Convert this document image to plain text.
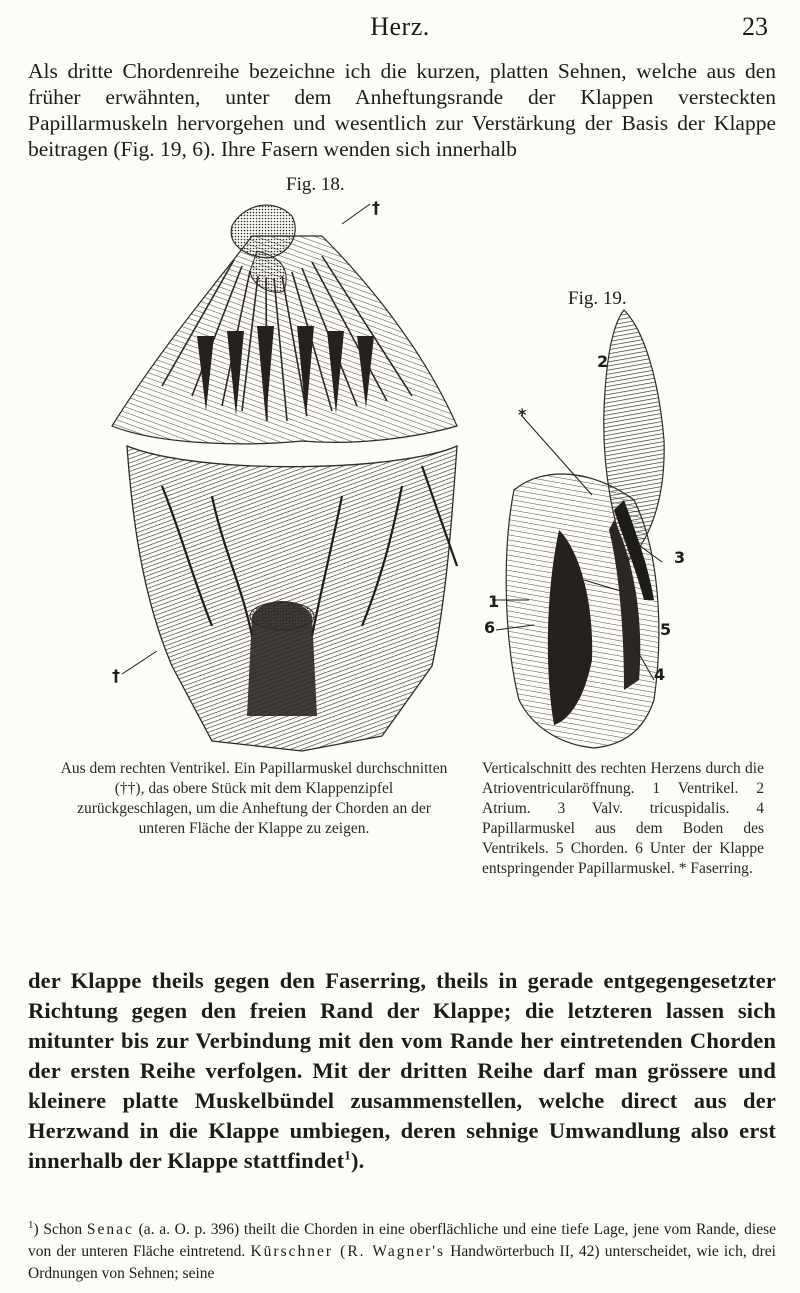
Herz.	23

Als dritte Chordenreihe bezeichne ich die kurzen, platten Sehnen, welche aus den früher erwähnten, unter dem Anheftungsrande der Klappen versteckten Papillarmuskeln hervorgehen und wesentlich zur Verstärkung der Basis der Klappe beitragen (Fig. 19, 6). Ihre Fasern wenden sich innerhalb

Fig. 18.
†
†
Fig. 19.
1
2
3
4
5
6
*

Aus dem rechten Ventrikel. Ein Papillarmuskel durchschnitten (††), das obere Stück mit dem Klappenzipfel zurückgeschlagen, um die Anheftung der Chorden an der unteren Fläche der Klappe zu zeigen.

Verticalschnitt des rechten Herzens durch die Atrioventricularöffnung. 1 Ventrikel. 2 Atrium. 3 Valv. tricuspidalis. 4 Papillarmuskel aus dem Boden des Ventrikels. 5 Chorden. 6 Unter der Klappe entspringender Papillarmuskel. * Faserring.

der Klappe theils gegen den Faserring, theils in gerade entgegengesetzter Richtung gegen den freien Rand der Klappe; die letzteren lassen sich mitunter bis zur Verbindung mit den vom Rande her eintretenden Chorden der ersten Reihe verfolgen. Mit der dritten Reihe darf man grössere und kleinere platte Muskelbündel zusammenstellen, welche direct aus der Herzwand in die Klappe umbiegen, deren sehnige Umwandlung also erst innerhalb der Klappe stattfindet$^1$).

$^1$) Schon Senac (a. a. O. p. 396) theilt die Chorden in eine oberflächliche und eine tiefe Lage, jene vom Rande, diese von der unteren Fläche eintretend. Kürschner (R. Wagner's Handwörterbuch II, 42) unterscheidet, wie ich, drei Ordnungen von Sehnen; seine
